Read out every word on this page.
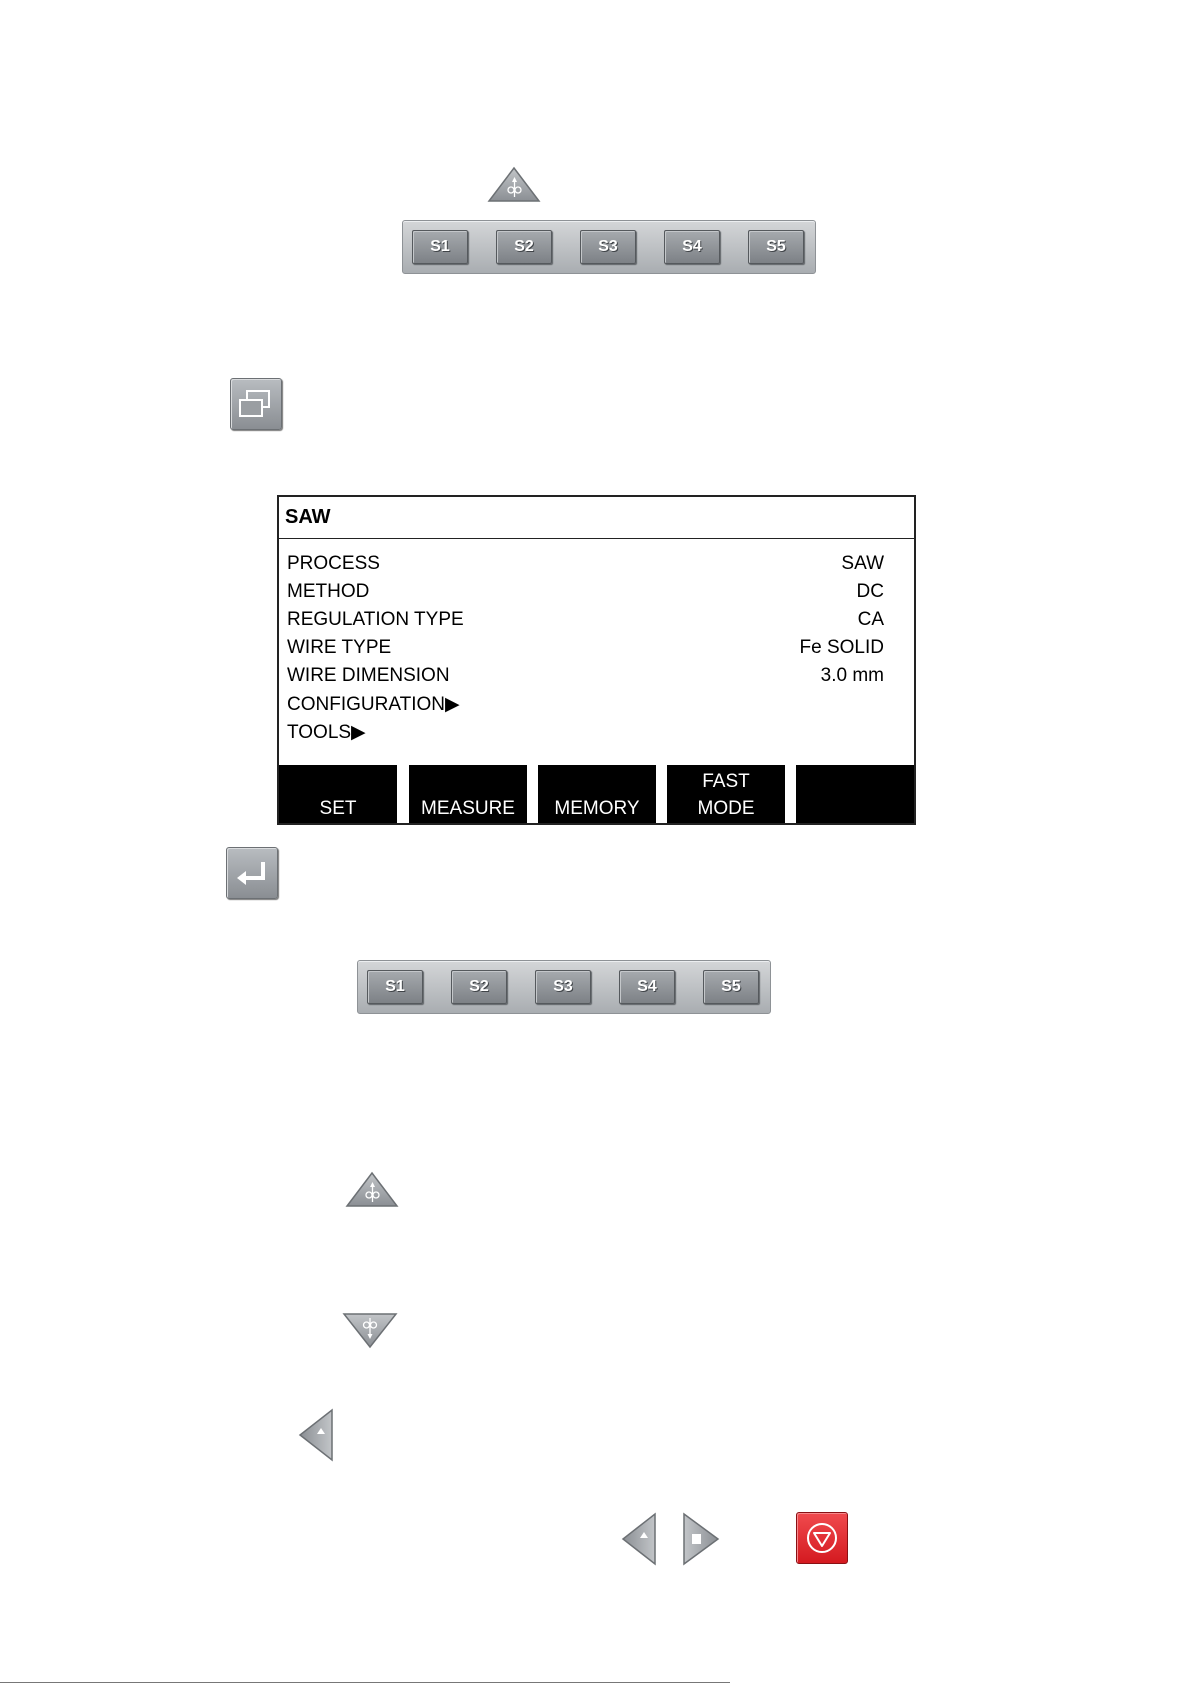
S1	S2	S3	S4	S5
SAW
PROCESS	SAW
METHOD	DC
REGULATION TYPE	CA
WIRE TYPE	Fe SOLID
WIRE DIMENSION	3.0 mm
CONFIGURATION▶
TOOLS▶
SET	MEASURE	MEMORY
FAST
MODE
S1	S2	S3	S4	S5
